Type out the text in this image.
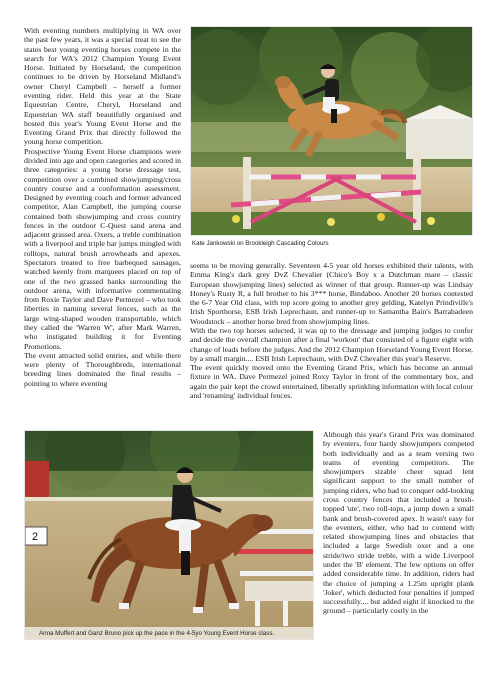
With eventing numbers multiplying in WA over the past few years, it was a special treat to see the states best young eventing horses compete in the search for WA's 2012 Champion Young Event Horse. Initiated by Horseland, the competition continues to be driven by Horseland Midland's owner Cheryl Campbell – herself a former eventing rider. Held this year at the State Equestrian Centre, Cheryl, Horseland and Equestrian WA staff beautifully organised and hosted this year's Young Event Horse and the Eventing Grand Prix that directly followed the young horse competition.

Prospective Young Event Horse champions were divided into age and open categories and scored in three categories: a young horse dressage test, competition over a combined showjumping/cross country course and a conformation assessment. Designed by eventing coach and former advanced competitor, Alan Campbell, the jumping course contained both showjumping and cross country fences in the outdoor C-Quest sand arena and adjacent grassed area. Oxers, a treble combination with a liverpool and triple bar jumps mingled with rolltops, natural brush arrowheads and apexes. Spectators treated to free barbequed sausages, watched keenly from marquees placed on top of one of the two grassed banks surrounding the outdoor arena, with informative commentating from Roxie Taylor and Dave Permezel – who took liberties in naming several fences, such as the large wing-shaped wooden transportable, which they called the 'Warren W', after Mark Warren, who instigated building it for Eventing Promotions.

The event attracted solid entries, and while there were plenty of Thoroughbreds, international breeding lines dominated the final results – pointing to where eventing

Kate Jankowski on Brookleigh Cascading Colours

seems to be moving generally. Seventeen 4-5 year old horses exhibited their talents, with Emma King's dark grey DvZ Chevalier (Chico's Boy x a Dutchman mare – classic European showjumping lines) selected as winner of that group. Runner-up was Lindsay Honey's Rusty R, a full brother to his 3*** horse, Bindaboo. Another 20 horses contested the 6-7 Year Old class, with top score going to another grey gelding, Katelyn Prindiville's Irish Sporthorse, ESB Irish Leprechaun, and runner-up to Samantha Bain's Barrabadeen Woodstock – another horse bred from showjumping lines.

With the two top horses selected, it was up to the dressage and jumping judges to confer and decide the overall champion after a final 'workout' that consisted of a figure eight with change of leads before the judges. And the 2012 Champion Horseland Young Event Horse, by a small margin.... ESB Irish Leprechaun, with DvZ Chevalier this year's Reserve.

The event quickly moved onto the Eventing Grand Prix, which has become an annual fixture in WA. Dave Permezel joined Roxy Taylor in front of the commentary box, and again the pair kept the crowd entertained, liberally sprinkling information with local colour and 'renaming' individual fences.

2

Anna Muffert and Ganz Bruno pick up the pace in the 4-5yo Young Event Horse class.

Although this year's Grand Prix was dominated by eventers, four hardy showjumpers competed both individually and as a team versing two teams of eventing competitors. The showjumpers sizable cheer squad lent significant support to the small number of jumping riders, who had to conquer odd-looking cross country fences that included a brush-topped 'ute', two roll-tops, a jump down a small bank and brush-covered apex. It wasn't easy for the eventers, either, who had to contend with related showjumping lines and obstacles that included a large Swedish oxer and a one stride/two stride treble, with a wide Liverpool under the 'B' element. The few options on offer added considerable time. In addition, riders had the choice of jumping a 1.25m upright plank 'Joker', which deducted four penalties if jumped successfully.... but added eight if knocked to the ground – particularly costly in the
